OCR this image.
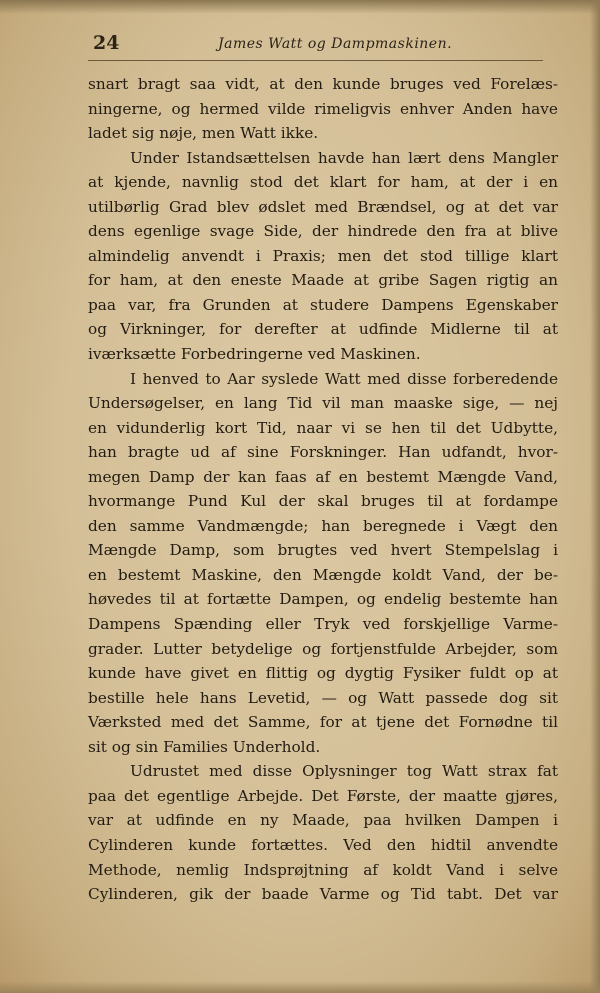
24	James Watt og Dampmaskinen.
snart bragt saa vidt, at den kunde bruges ved Forelæs-
ningerne, og hermed vilde rimeligvis enhver Anden have
ladet sig nøje, men Watt ikke.
Under Istandsættelsen havde han lært dens Mangler
at kjende, navnlig stod det klart for ham, at der i en
utilbørlig Grad blev ødslet med Brændsel, og at det var
dens egenlige svage Side, der hindrede den fra at blive
almindelig anvendt i Praxis; men det stod tillige klart
for ham, at den eneste Maade at gribe Sagen rigtig an
paa var, fra Grunden at studere Dampens Egenskaber
og Virkninger, for derefter at udfinde Midlerne til at
iværksætte Forbedringerne ved Maskinen.
I henved to Aar syslede Watt med disse forberedende
Undersøgelser, en lang Tid vil man maaske sige, — nej
en vidunderlig kort Tid, naar vi se hen til det Udbytte,
han bragte ud af sine Forskninger. Han udfandt, hvor-
megen Damp der kan faas af en bestemt Mængde Vand,
hvormange Pund Kul der skal bruges til at fordampe
den samme Vandmængde; han beregnede i Vægt den
Mængde Damp, som brugtes ved hvert Stempelslag i
en bestemt Maskine, den Mængde koldt Vand, der be-
høvedes til at fortætte Dampen, og endelig bestemte han
Dampens Spænding eller Tryk ved forskjellige Varme-
grader. Lutter betydelige og fortjenstfulde Arbejder, som
kunde have givet en flittig og dygtig Fysiker fuldt op at
bestille hele hans Levetid, — og Watt passede dog sit
Værksted med det Samme, for at tjene det Fornødne til
sit og sin Families Underhold.
Udrustet med disse Oplysninger tog Watt strax fat
paa det egentlige Arbejde. Det Første, der maatte gjøres,
var at udfinde en ny Maade, paa hvilken Dampen i
Cylinderen kunde fortættes. Ved den hidtil anvendte
Methode, nemlig Indsprøjtning af koldt Vand i selve
Cylinderen, gik der baade Varme og Tid tabt. Det var
